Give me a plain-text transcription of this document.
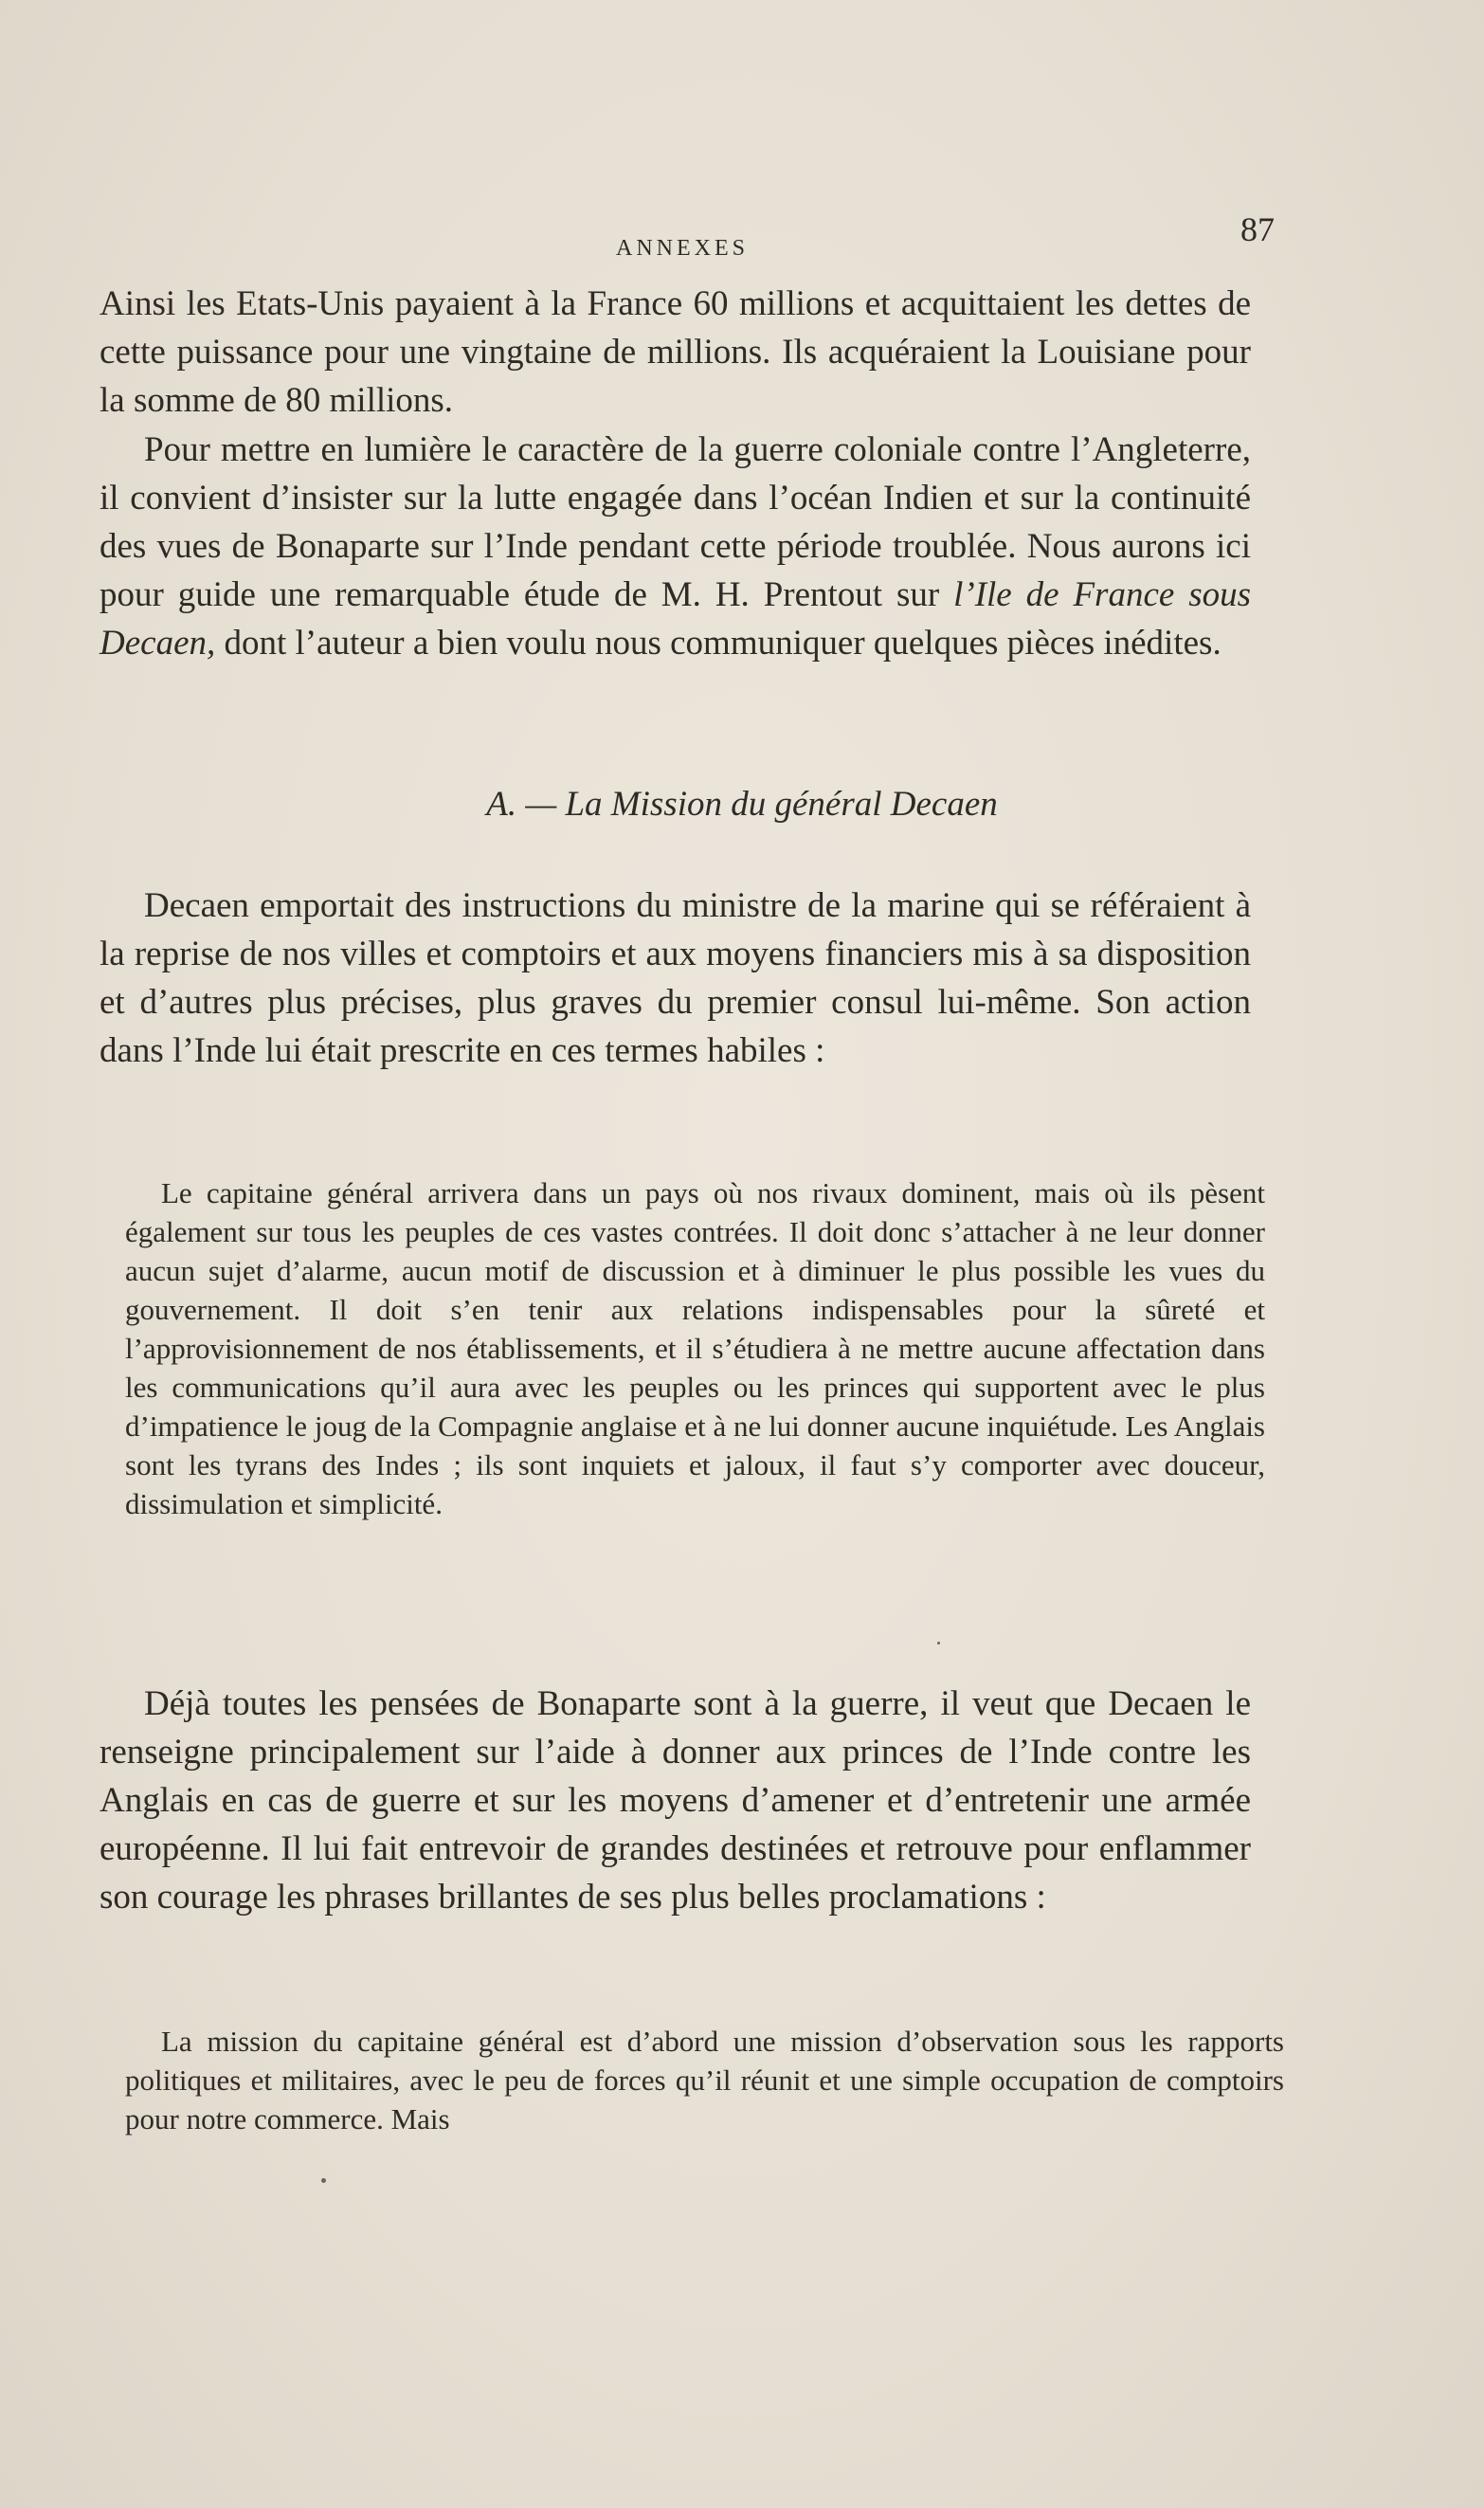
ANNEXES	87

Ainsi les Etats-Unis payaient à la France 60 millions et acquittaient les dettes de cette puissance pour une vingtaine de millions. Ils acquéraient la Louisiane pour la somme de 80 millions.

Pour mettre en lumière le caractère de la guerre coloniale contre l’Angleterre, il convient d’insister sur la lutte engagée dans l’océan Indien et sur la continuité des vues de Bonaparte sur l’Inde pendant cette période troublée. Nous aurons ici pour guide une remarquable étude de M. H. Prentout sur l’Ile de France sous Decaen, dont l’auteur a bien voulu nous communiquer quelques pièces inédites.

A. — La Mission du général Decaen

Decaen emportait des instructions du ministre de la marine qui se référaient à la reprise de nos villes et comptoirs et aux moyens financiers mis à sa disposition et d’autres plus précises, plus graves du premier consul lui-même. Son action dans l’Inde lui était prescrite en ces termes habiles :

Le capitaine général arrivera dans un pays où nos rivaux dominent, mais où ils pèsent également sur tous les peuples de ces vastes contrées. Il doit donc s’attacher à ne leur donner aucun sujet d’alarme, aucun motif de discussion et à diminuer le plus possible les vues du gouvernement. Il doit s’en tenir aux relations indispensables pour la sûreté et l’approvisionnement de nos établissements, et il s’étudiera à ne mettre aucune affectation dans les communications qu’il aura avec les peuples ou les princes qui supportent avec le plus d’impatience le joug de la Compagnie anglaise et à ne lui donner aucune inquiétude. Les Anglais sont les tyrans des Indes ; ils sont inquiets et jaloux, il faut s’y comporter avec douceur, dissimulation et simplicité.

Déjà toutes les pensées de Bonaparte sont à la guerre, il veut que Decaen le renseigne principalement sur l’aide à donner aux princes de l’Inde contre les Anglais en cas de guerre et sur les moyens d’amener et d’entretenir une armée européenne. Il lui fait entrevoir de grandes destinées et retrouve pour enflammer son courage les phrases brillantes de ses plus belles proclamations :

La mission du capitaine général est d’abord une mission d’observation sous les rapports politiques et militaires, avec le peu de forces qu’il réunit et une simple occupation de comptoirs pour notre commerce. Mais
